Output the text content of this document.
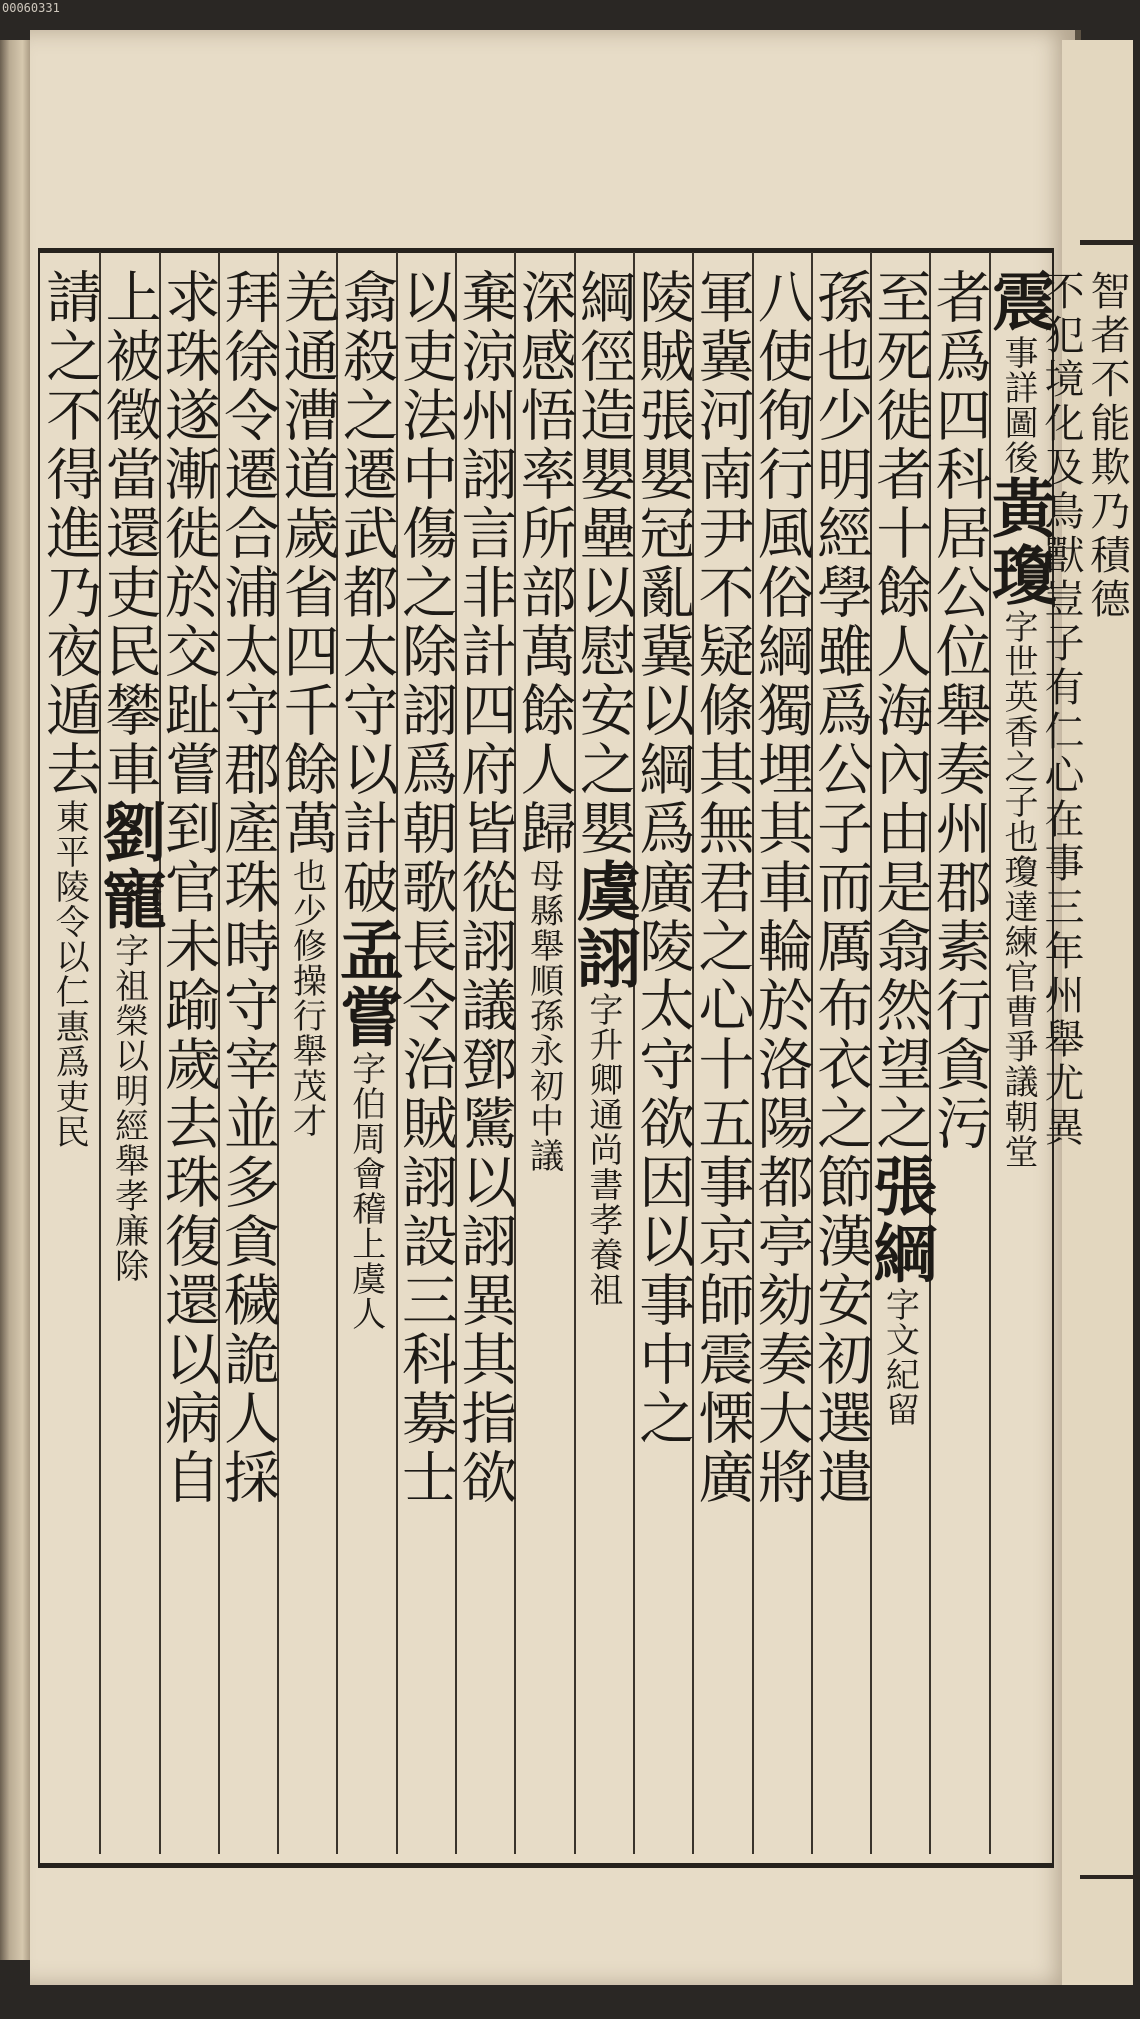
00060331
震事詳圖後黃瓊字世英香之子也瓊達練官曹爭議朝堂
者爲四科居公位舉奏州郡素行貪污
至死徙者十餘人海內由是翕然望之張綱字文紀留
孫也少明經學雖爲公子而厲布衣之節漢安初選遣
八使徇行風俗綱獨埋其車輪於洛陽都亭劾奏大將
軍冀河南尹不疑條其無君之心十五事京師震慄廣
陵賊張嬰冠亂冀以綱爲廣陵太守欲因以事中之
綱徑造嬰壘以慰安之嬰虞詡字升卿通尚書孝養祖
深感悟率所部萬餘人歸母縣舉順孫永初中議
棄涼州詡言非計四府皆從詡議鄧騭以詡異其指欲
以吏法中傷之除詡爲朝歌長令治賊詡設三科募士
翕殺之遷武都太守以計破孟嘗字伯周會稽上虞人
羌通漕道歲省四千餘萬也少修操行舉茂才
拜徐令遷合浦太守郡產珠時守宰並多貪穢詭人採
求珠遂漸徙於交趾嘗到官未踰歲去珠復還以病自
上被徵當還吏民攀車劉寵字祖榮以明經舉孝廉除
請之不得進乃夜遁去東平陵令以仁惠爲吏民
智者不能欺乃積德
不犯境化及鳥獸豈子有仁心在事三年州舉尤異
